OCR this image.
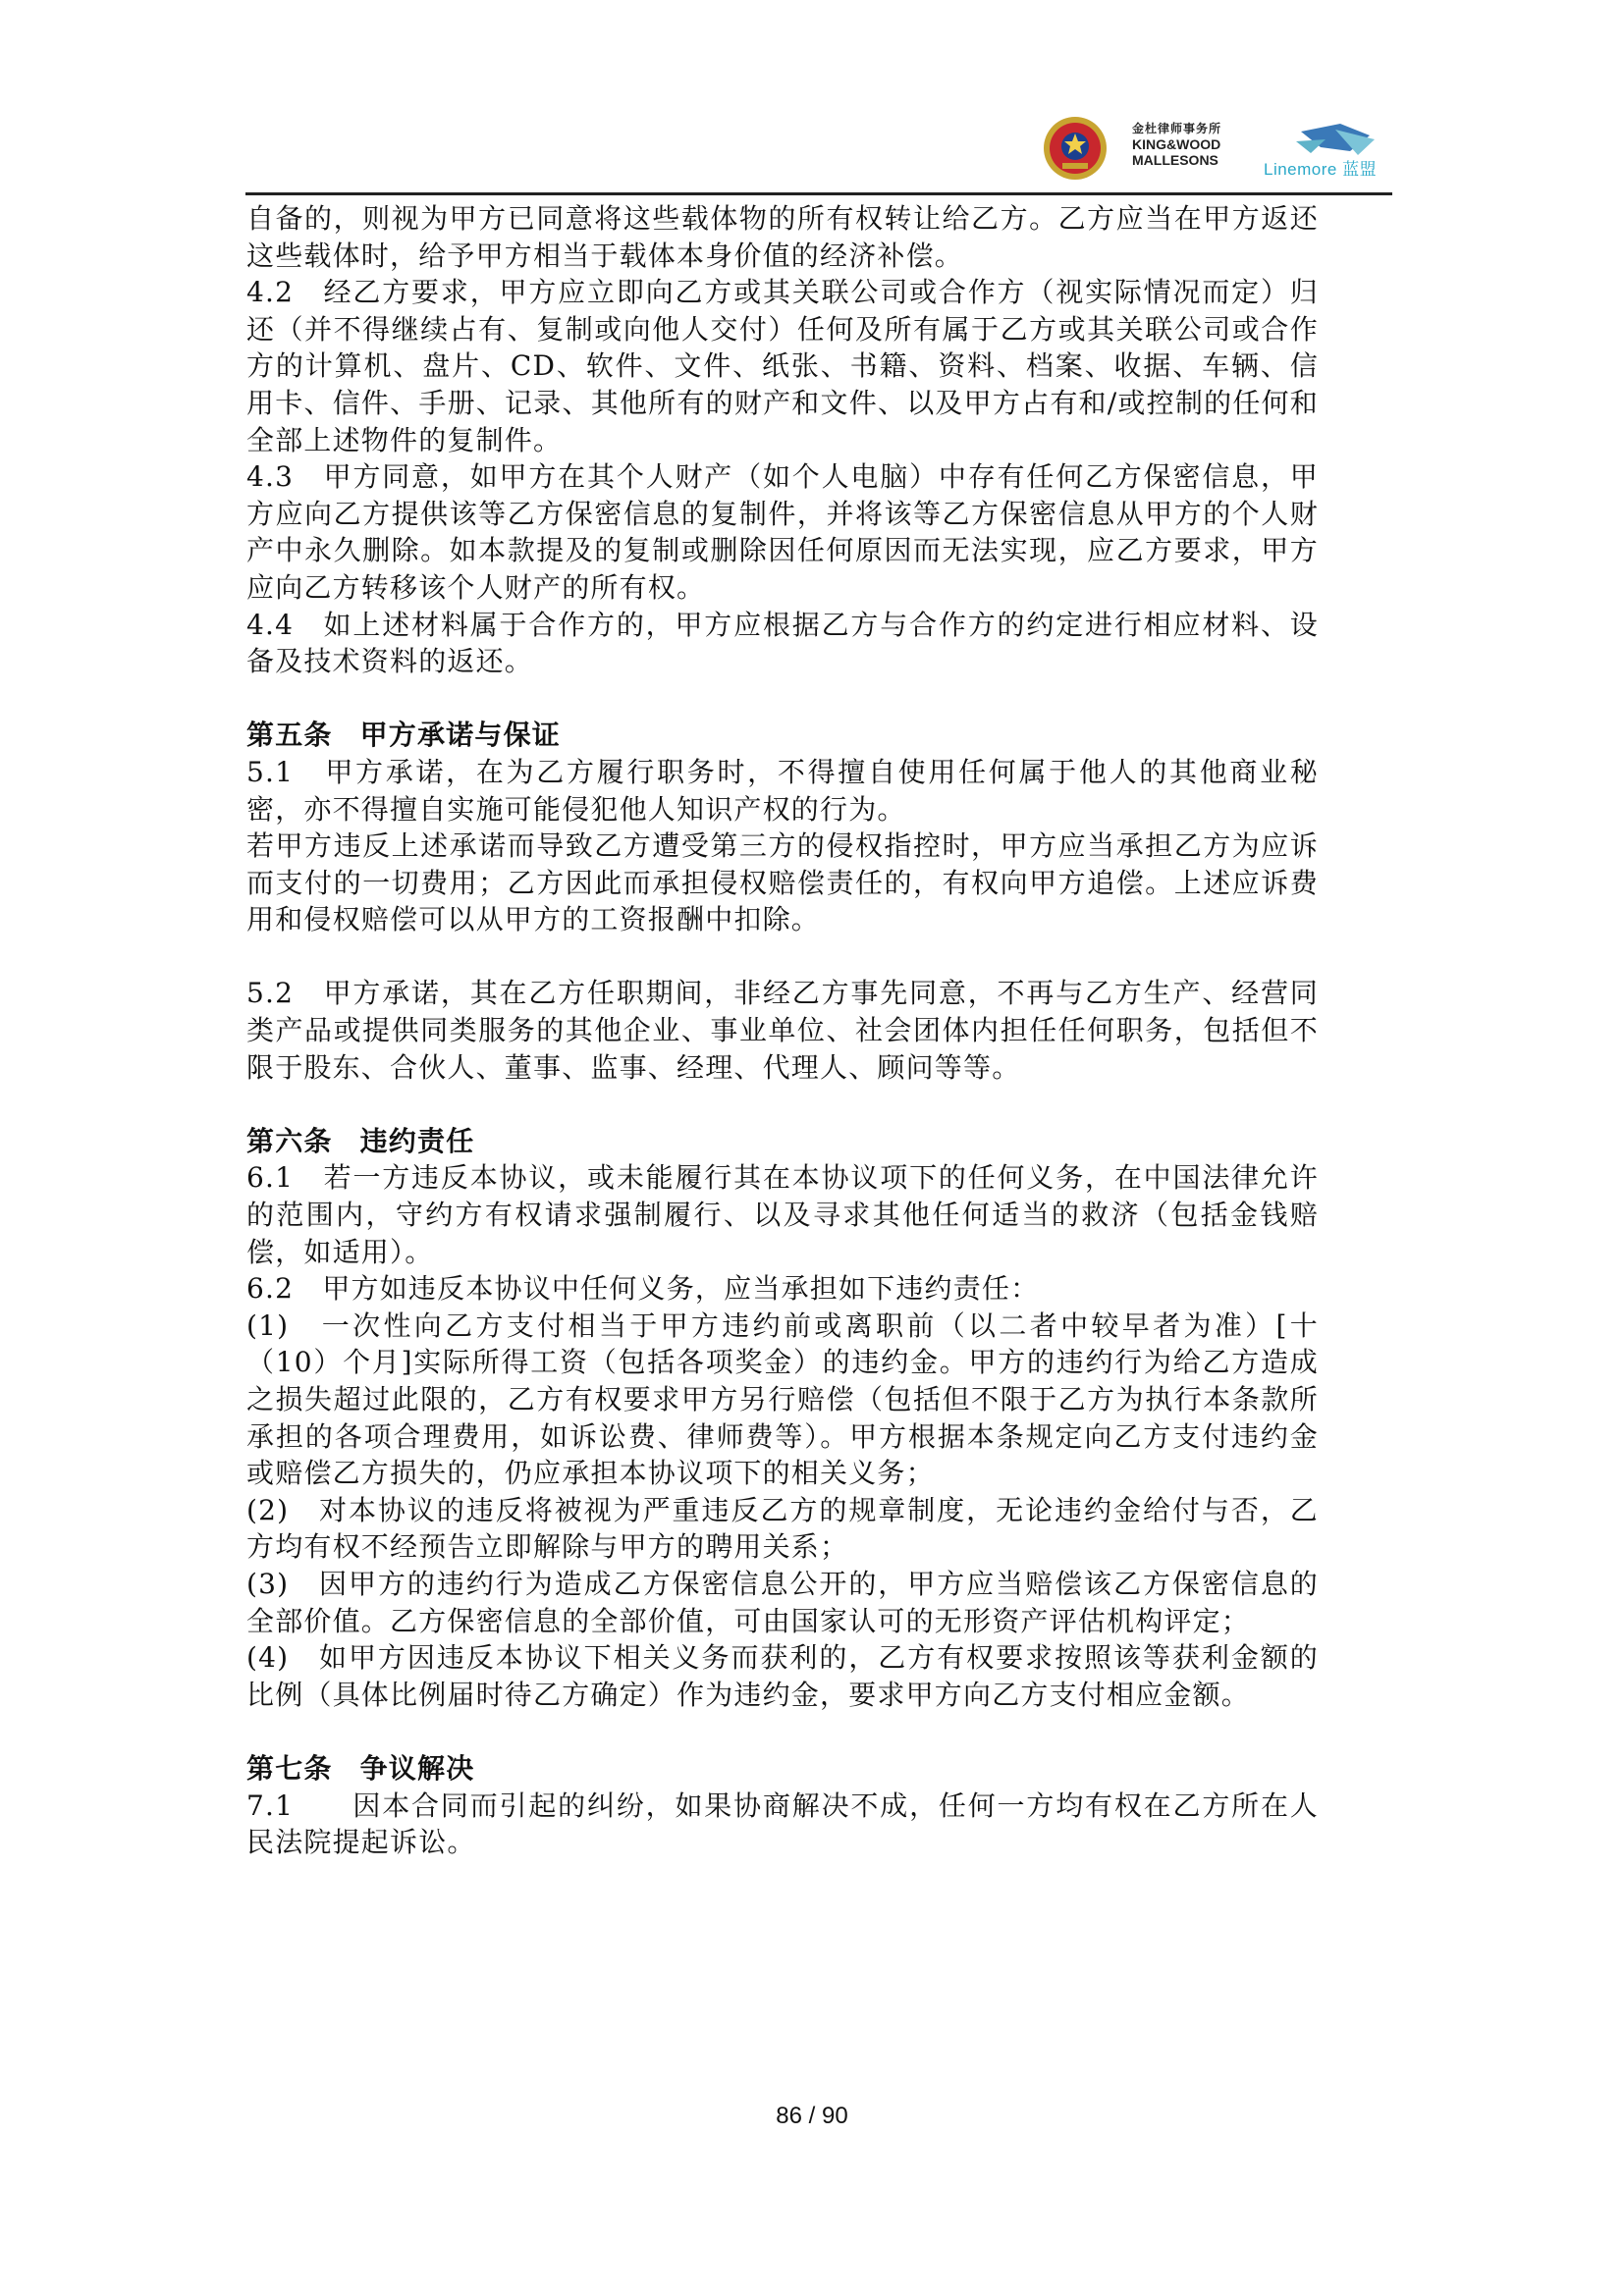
金杜律师事务所
KING&WOOD
MALLESONS	Linemore 蓝盟

自备的，则视为甲方已同意将这些载体物的所有权转让给乙方。乙方应当在甲方返还这些载体时，给予甲方相当于载体本身价值的经济补偿。

4.2　经乙方要求，甲方应立即向乙方或其关联公司或合作方（视实际情况而定）归还（并不得继续占有、复制或向他人交付）任何及所有属于乙方或其关联公司或合作方的计算机、盘片、CD、软件、文件、纸张、书籍、资料、档案、收据、车辆、信用卡、信件、手册、记录、其他所有的财产和文件、以及甲方占有和/或控制的任何和全部上述物件的复制件。

4.3　甲方同意，如甲方在其个人财产（如个人电脑）中存有任何乙方保密信息，甲方应向乙方提供该等乙方保密信息的复制件，并将该等乙方保密信息从甲方的个人财产中永久删除。如本款提及的复制或删除因任何原因而无法实现，应乙方要求，甲方应向乙方转移该个人财产的所有权。

4.4　如上述材料属于合作方的，甲方应根据乙方与合作方的约定进行相应材料、设备及技术资料的返还。

第五条 甲方承诺与保证

5.1　甲方承诺，在为乙方履行职务时，不得擅自使用任何属于他人的其他商业秘密，亦不得擅自实施可能侵犯他人知识产权的行为。

若甲方违反上述承诺而导致乙方遭受第三方的侵权指控时，甲方应当承担乙方为应诉而支付的一切费用；乙方因此而承担侵权赔偿责任的，有权向甲方追偿。上述应诉费用和侵权赔偿可以从甲方的工资报酬中扣除。

5.2　甲方承诺，其在乙方任职期间，非经乙方事先同意，不再与乙方生产、经营同类产品或提供同类服务的其他企业、事业单位、社会团体内担任任何职务，包括但不限于股东、合伙人、董事、监事、经理、代理人、顾问等等。

第六条 违约责任

6.1　若一方违反本协议，或未能履行其在本协议项下的任何义务，在中国法律允许的范围内，守约方有权请求强制履行、以及寻求其他任何适当的救济（包括金钱赔偿，如适用）。

6.2　甲方如违反本协议中任何义务，应当承担如下违约责任：

(1)　一次性向乙方支付相当于甲方违约前或离职前（以二者中较早者为准）[十（10）个月]实际所得工资（包括各项奖金）的违约金。甲方的违约行为给乙方造成之损失超过此限的，乙方有权要求甲方另行赔偿（包括但不限于乙方为执行本条款所承担的各项合理费用，如诉讼费、律师费等）。甲方根据本条规定向乙方支付违约金或赔偿乙方损失的，仍应承担本协议项下的相关义务；

(2)　对本协议的违反将被视为严重违反乙方的规章制度，无论违约金给付与否，乙方均有权不经预告立即解除与甲方的聘用关系；

(3)　因甲方的违约行为造成乙方保密信息公开的，甲方应当赔偿该乙方保密信息的全部价值。乙方保密信息的全部价值，可由国家认可的无形资产评估机构评定；

(4)　如甲方因违反本协议下相关义务而获利的，乙方有权要求按照该等获利金额的比例（具体比例届时待乙方确定）作为违约金，要求甲方向乙方支付相应金额。

第七条 争议解决

7.1　　因本合同而引起的纠纷，如果协商解决不成，任何一方均有权在乙方所在人民法院提起诉讼。

86 / 90
